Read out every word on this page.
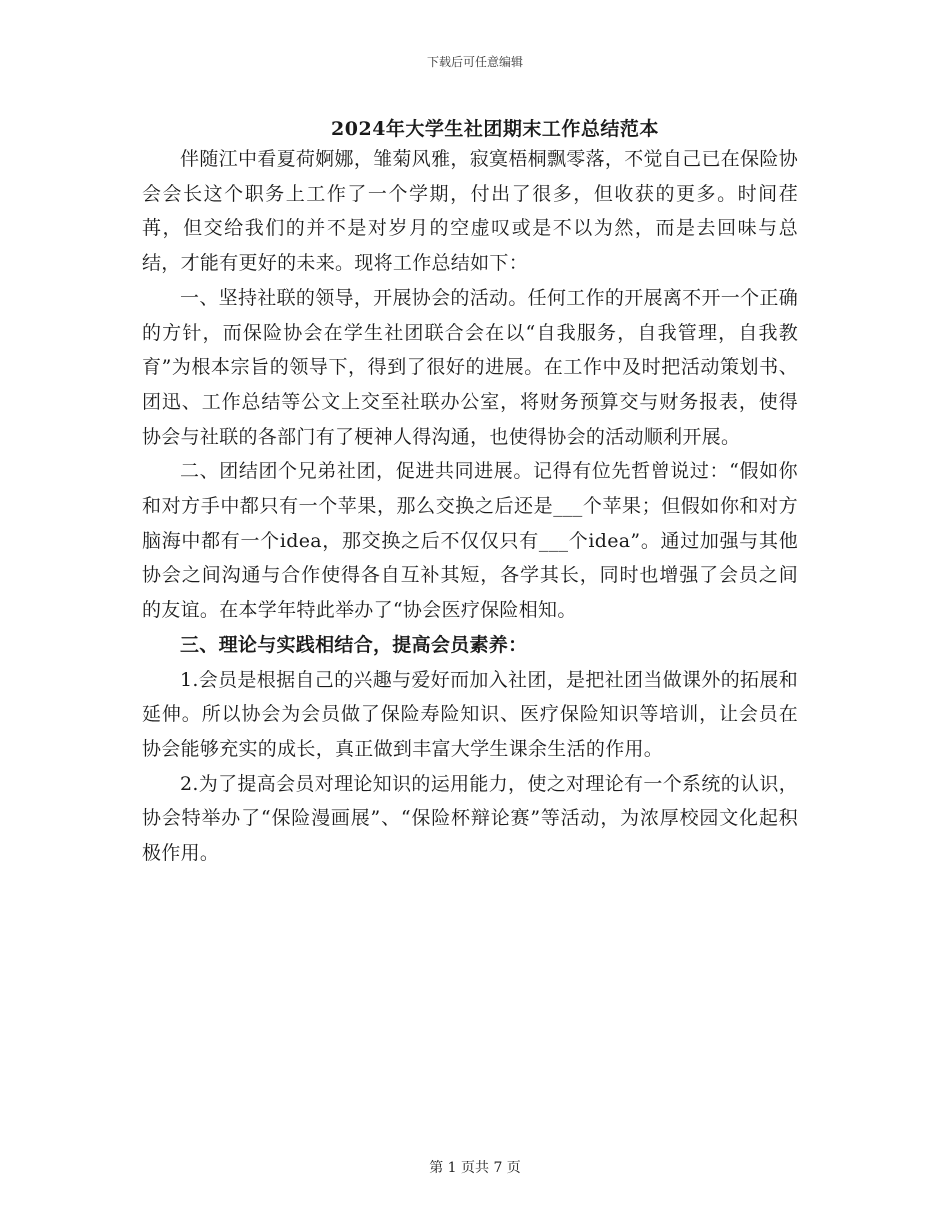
下载后可任意编辑
2024年大学生社团期末工作总结范本

伴随江中看夏荷婀娜，雏菊风雅，寂寞梧桐飘零落，不觉自己已在保险协会会长这个职务上工作了一个学期，付出了很多，但收获的更多。时间荏苒，但交给我们的并不是对岁月的空虚叹或是不以为然，而是去回味与总结，才能有更好的未来。现将工作总结如下：

一、坚持社联的领导，开展协会的活动。任何工作的开展离不开一个正确的方针，而保险协会在学生社团联合会在以“自我服务，自我管理，自我教育”为根本宗旨的领导下，得到了很好的进展。在工作中及时把活动策划书、团迅、工作总结等公文上交至社联办公室，将财务预算交与财务报表，使得协会与社联的各部门有了梗神人得沟通，也使得协会的活动顺利开展。

二、团结团个兄弟社团，促进共同进展。记得有位先哲曾说过：“假如你和对方手中都只有一个苹果，那么交换之后还是___个苹果；但假如你和对方脑海中都有一个idea，那交换之后不仅仅只有___个idea”。通过加强与其他协会之间沟通与合作使得各自互补其短，各学其长，同时也增强了会员之间的友谊。在本学年特此举办了“协会医疗保险相知。

三、理论与实践相结合，提高会员素养：

1.会员是根据自己的兴趣与爱好而加入社团，是把社团当做课外的拓展和延伸。所以协会为会员做了保险寿险知识、医疗保险知识等培训，让会员在协会能够充实的成长，真正做到丰富大学生课余生活的作用。

2.为了提高会员对理论知识的运用能力，使之对理论有一个系统的认识，协会特举办了“保险漫画展”、“保险杯辩论赛”等活动，为浓厚校园文化起积极作用。

第 1 页共 7 页
